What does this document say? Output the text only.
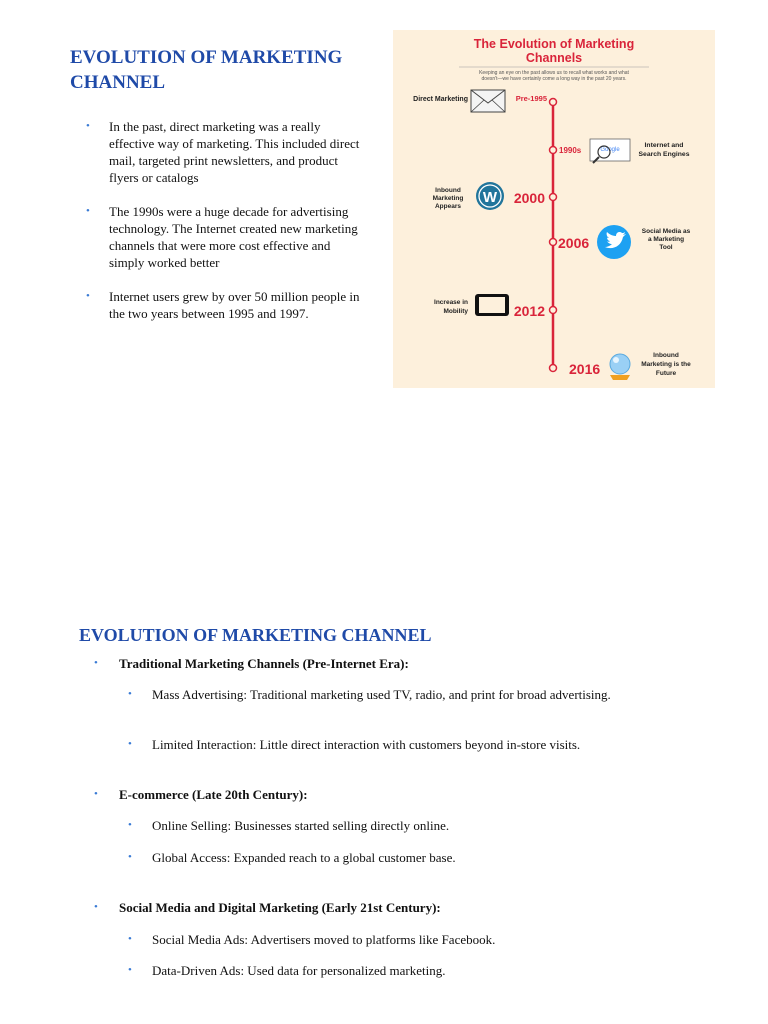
EVOLUTION OF MARKETING CHANNEL
• In the past, direct marketing was a really effective way of marketing. This included direct mail, targeted print newsletters, and product flyers or catalogs
• The 1990s were a huge decade for advertising technology. The Internet created new marketing channels that were more cost effective and simply worked better
• Internet users grew by over 50 million people in the two years between 1995 and 1997.
The Evolution of Marketing
Channels
Keeping an eye on the past allows us to recall what works and what
doesn't—we have certainly come a long way in the past 20 years.
Direct Marketing	Pre-1995
1990s	Google
Internet and
Search Engines
Inbound
Marketing
Appears
W 2000
2006
Social Media as
a Marketing
Tool
Increase in
Mobility	2012
2016
Inbound
Marketing is the
Future
EVOLUTION OF MARKETING CHANNEL
• Traditional Marketing Channels (Pre-Internet Era):
• Mass Advertising: Traditional marketing used TV, radio, and print for broad advertising.
• Limited Interaction: Little direct interaction with customers beyond in-store visits.
• E-commerce (Late 20th Century):
• Online Selling: Businesses started selling directly online.
• Global Access: Expanded reach to a global customer base.
• Social Media and Digital Marketing (Early 21st Century):
• Social Media Ads: Advertisers moved to platforms like Facebook.
• Data-Driven Ads: Used data for personalized marketing.
